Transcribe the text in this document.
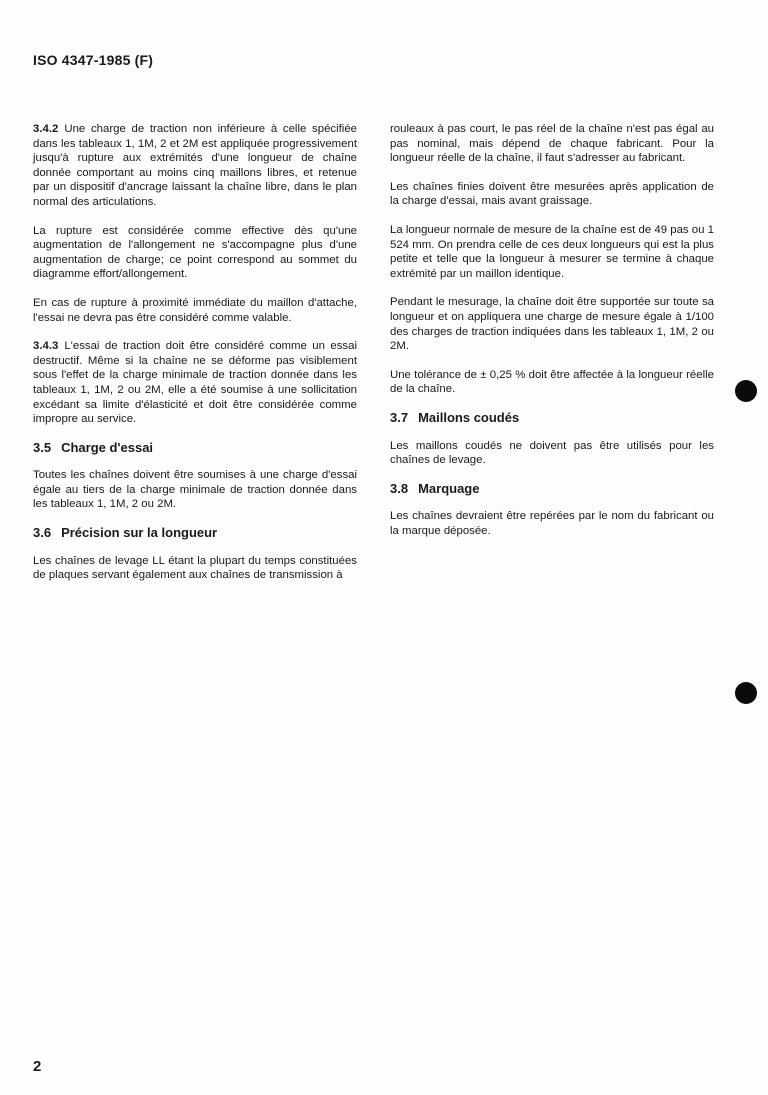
ISO 4347-1985 (F)

3.4.2 Une charge de traction non inférieure à celle spécifiée dans les tableaux 1, 1M, 2 et 2M est appliquée progressivement jusqu'à rupture aux extrémités d'une longueur de chaîne donnée comportant au moins cinq maillons libres, et retenue par un dispositif d'ancrage laissant la chaîne libre, dans le plan normal des articulations.

La rupture est considérée comme effective dès qu'une augmentation de l'allongement ne s'accompagne plus d'une augmentation de charge; ce point correspond au sommet du diagramme effort/allongement.

En cas de rupture à proximité immédiate du maillon d'attache, l'essai ne devra pas être considéré comme valable.

3.4.3 L'essai de traction doit être considéré comme un essai destructif. Même si la chaîne ne se déforme pas visiblement sous l'effet de la charge minimale de traction donnée dans les tableaux 1, 1M, 2 ou 2M, elle a été soumise à une sollicitation excédant sa limite d'élasticité et doit être considérée comme impropre au service.

3.5 Charge d'essai

Toutes les chaînes doivent être soumises à une charge d'essai égale au tiers de la charge minimale de traction donnée dans les tableaux 1, 1M, 2 ou 2M.

3.6 Précision sur la longueur

Les chaînes de levage LL étant la plupart du temps constituées de plaques servant également aux chaînes de transmission à

rouleaux à pas court, le pas réel de la chaîne n'est pas égal au pas nominal, mais dépend de chaque fabricant. Pour la longueur réelle de la chaîne, il faut s'adresser au fabricant.

Les chaînes finies doivent être mesurées après application de la charge d'essai, mais avant graissage.

La longueur normale de mesure de la chaîne est de 49 pas ou 1 524 mm. On prendra celle de ces deux longueurs qui est la plus petite et telle que la longueur à mesurer se termine à chaque extrémité par un maillon identique.

Pendant le mesurage, la chaîne doit être supportée sur toute sa longueur et on appliquera une charge de mesure égale à 1/100 des charges de traction indiquées dans les tableaux 1, 1M, 2 ou 2M.

Une tolérance de ± 0,25 % doit être affectée à la longueur réelle de la chaîne.

3.7 Maillons coudés

Les maillons coudés ne doivent pas être utilisés pour les chaînes de levage.

3.8 Marquage

Les chaînes devraient être repérées par le nom du fabricant ou la marque déposée.

2
